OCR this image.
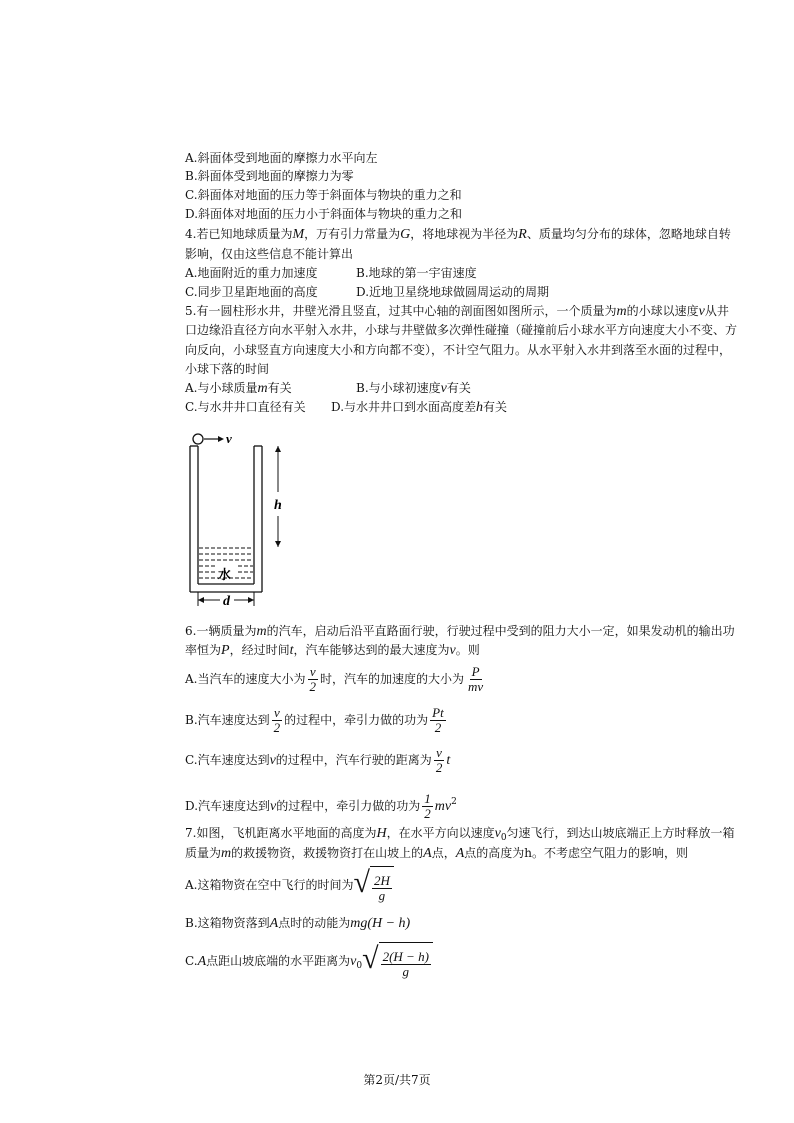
A.斜面体受到地面的摩擦力水平向左
B.斜面体受到地面的摩擦力为零
C.斜面体对地面的压力等于斜面体与物块的重力之和
D.斜面体对地面的压力小于斜面体与物块的重力之和
4.若已知地球质量为M，万有引力常量为G，将地球视为半径为R、质量均匀分布的球体，忽略地球自转
影响，仅由这些信息不能计算出
A.地面附近的重力加速度	B.地球的第一宇宙速度
C.同步卫星距地面的高度	D.近地卫星绕地球做圆周运动的周期
5.有一圆柱形水井，井壁光滑且竖直，过其中心轴的剖面图如图所示，一个质量为m的小球以速度v从井
口边缘沿直径方向水平射入水井，小球与井壁做多次弹性碰撞（碰撞前后小球水平方向速度大小不变、方
向反向，小球竖直方向速度大小和方向都不变），不计空气阻力。从水平射入水井到落至水面的过程中，
小球下落的时间
A.与小球质量m有关	B.与小球初速度v有关
C.与水井井口直径有关 D.与水井井口到水面高度差h有关
水
v
h
d
6.一辆质量为m的汽车，启动后沿平直路面行驶，行驶过程中受到的阻力大小一定，如果发动机的输出功
率恒为P，经过时间t，汽车能够达到的最大速度为v。则
A.当汽车的速度大小为 $\frac{v}{2}$ 时，汽车的加速度的大小为 $\frac{P}{mv}$
B.汽车速度达到 $\frac{v}{2}$ 的过程中，牵引力做的功为 $\frac{Pt}{2}$
C.汽车速度达到v的过程中，汽车行驶的距离为 $\frac{v}{2}$ t
D.汽车速度达到v的过程中，牵引力做的功为 $\frac{1}{2} mv^2$
7.如图，飞机距离水平地面的高度为H，在水平方向以速度$v_0$匀速飞行，到达山坡底端正上方时释放一箱
质量为m的救援物资，救援物资打在山坡上的A点，A点的高度为h。不考虑空气阻力的影响，则
A.这箱物资在空中飞行的时间为 √ $\frac{2H}{g}$
B.这箱物资落到A点时的动能为mg(H − h)
C.A点距山坡底端的水平距离为$v_0$ √ $\frac{2(H - h)}{g}$
第2页/共7页
